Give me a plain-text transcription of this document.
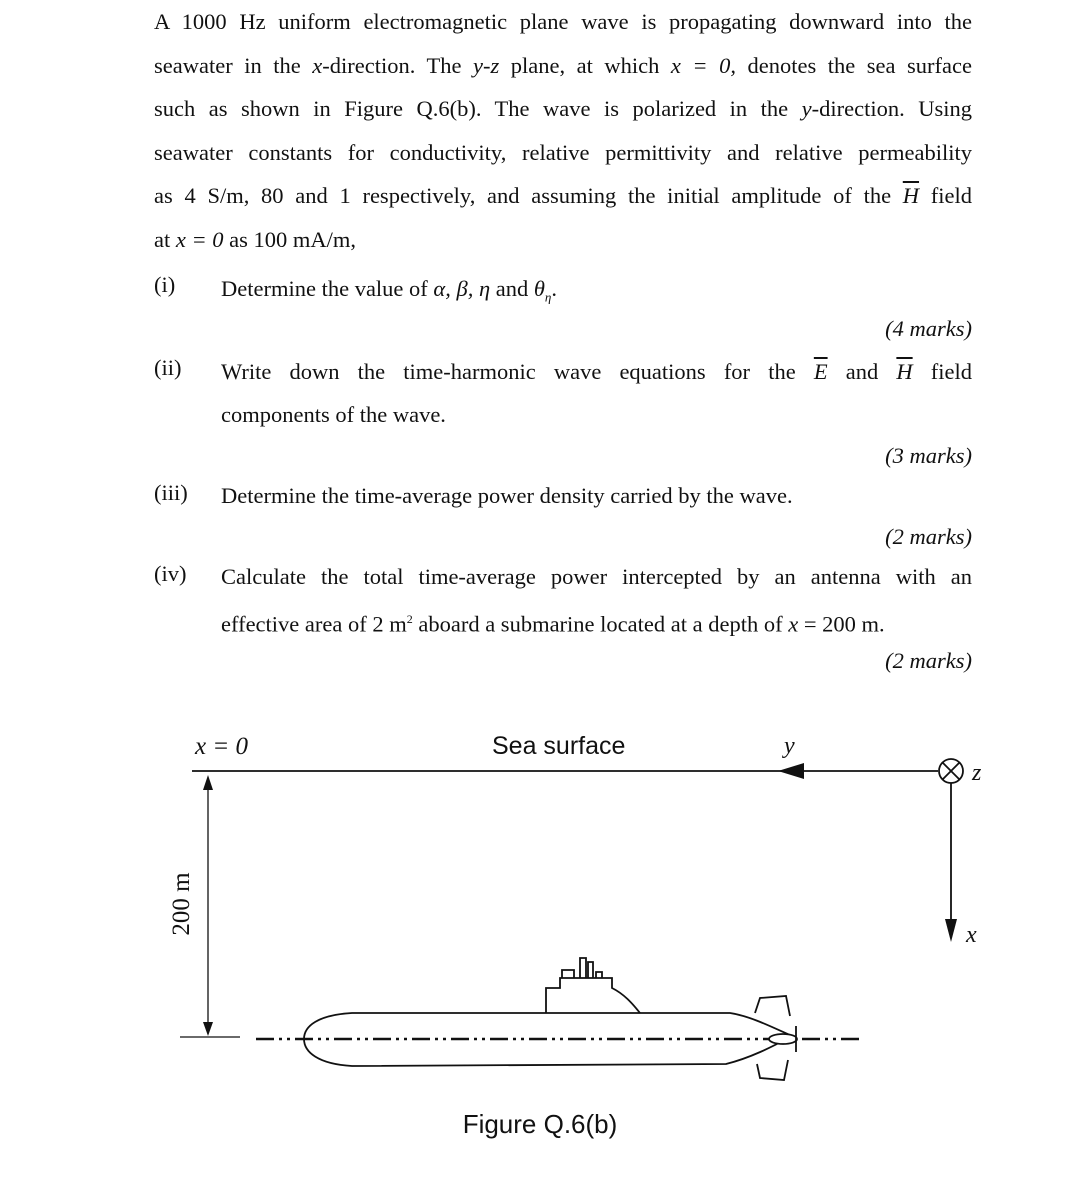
A 1000 Hz uniform electromagnetic plane wave is propagating downward into the
seawater in the x-direction. The y-z plane, at which x = 0, denotes the sea surface
such as shown in Figure Q.6(b). The wave is polarized in the y-direction. Using
seawater constants for conductivity, relative permittivity and relative permeability
as 4 S/m, 80 and 1 respectively, and assuming the initial amplitude of the $\overline{H}$ field
at x = 0 as 100 mA/m,
(i) Determine the value of α, β, η and $\theta_\eta$.
(4 marks)
(ii) Write down the time-harmonic wave equations for the $\overline{E}$ and $\overline{H}$ field
components of the wave.
(3 marks)
(iii) Determine the time-average power density carried by the wave.
(2 marks)
(iv) Calculate the total time-average power intercepted by an antenna with an
effective area of 2 $m^2$ aboard a submarine located at a depth of x = 200 m.
(2 marks)
x = 0	Sea surface	y
z
x
200 m
Figure Q.6(b)
